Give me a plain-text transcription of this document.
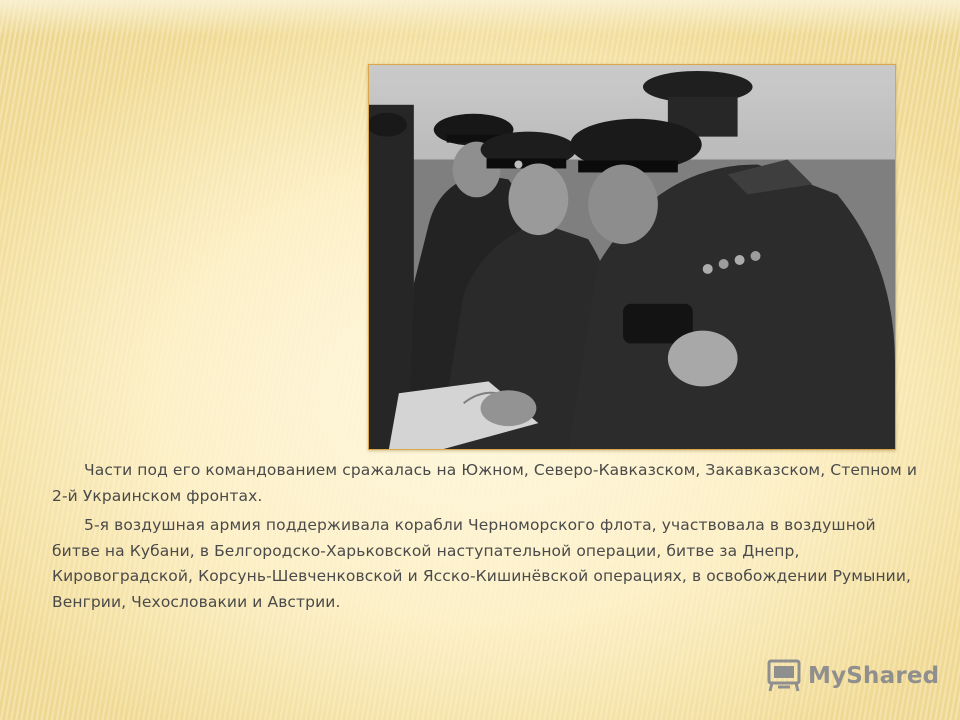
Части под его командованием сражалась на Южном, Северо-Кавказском, Закавказском, Степном и 2-й Украинском фронтах.

5-я воздушная армия поддерживала корабли Черноморского флота, участвовала в воздушной битве на Кубани, в Белгородско-Харьковской наступательной операции, битве за Днепр, Кировоградской, Корсунь-Шевченковской и Ясско-Кишинёвской операциях, в освобождении Румынии, Венгрии, Чехословакии и Австрии.

MyShared
